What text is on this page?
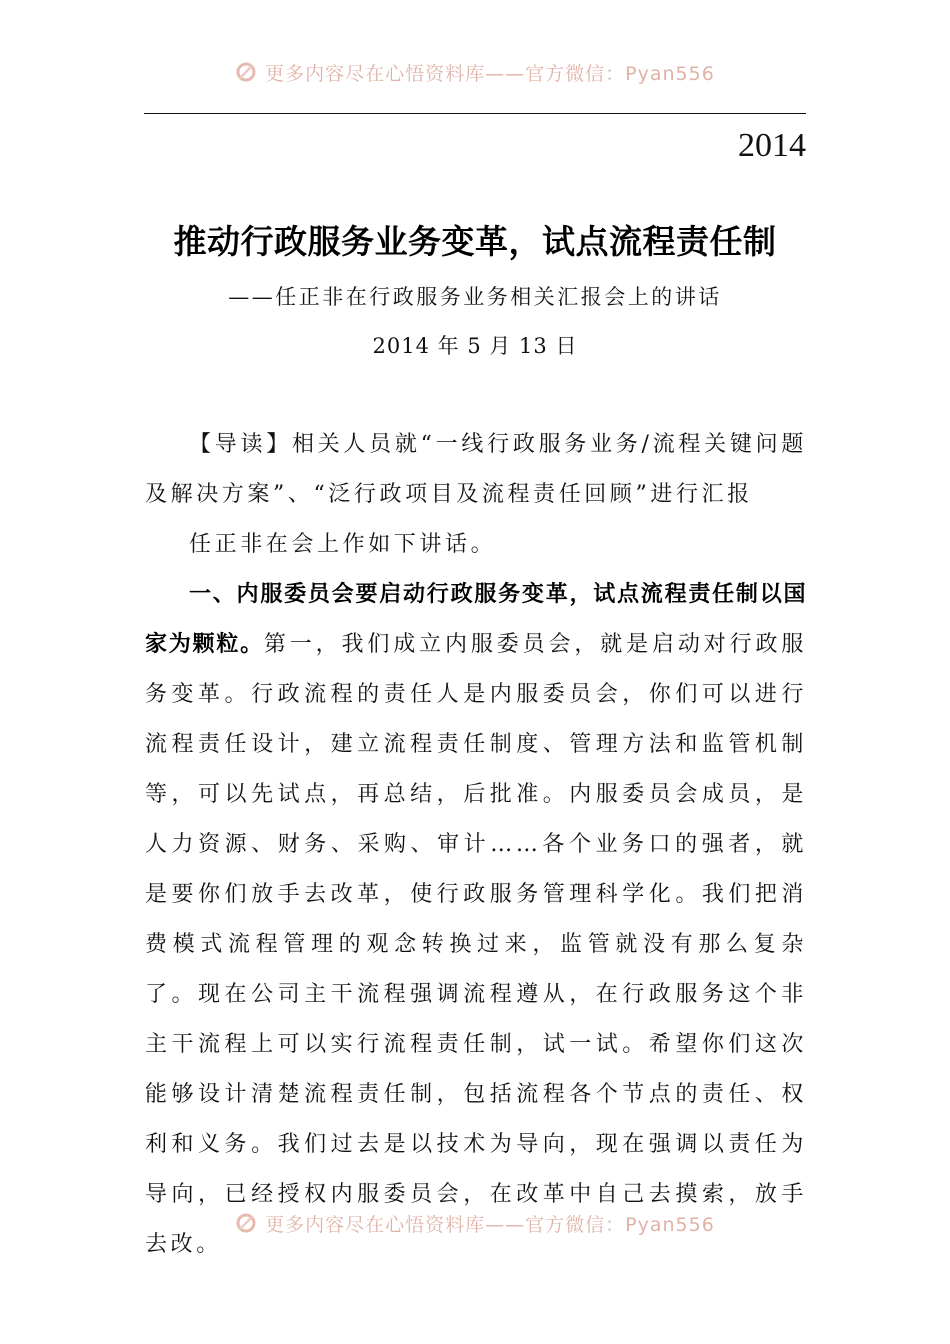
更多内容尽在心悟资料库——官方微信：Pyan556
2014
推动行政服务业务变革，试点流程责任制
——任正非在行政服务业务相关汇报会上的讲话
2014 年 5 月 13 日

【导读】相关人员就“一线行政服务业务/流程关键问题及解决方案”、“泛行政项目及流程责任回顾”进行汇报

任正非在会上作如下讲话。

一、内服委员会要启动行政服务变革，试点流程责任制以国家为颗粒。第一，我们成立内服委员会，就是启动对行政服务变革。行政流程的责任人是内服委员会，你们可以进行流程责任设计，建立流程责任制度、管理方法和监管机制等，可以先试点，再总结，后批准。内服委员会成员，是人力资源、财务、采购、审计……各个业务口的强者，就是要你们放手去改革，使行政服务管理科学化。我们把消费模式流程管理的观念转换过来，监管就没有那么复杂了。现在公司主干流程强调流程遵从，在行政服务这个非主干流程上可以实行流程责任制，试一试。希望你们这次能够设计清楚流程责任制，包括流程各个节点的责任、权利和义务。我们过去是以技术为导向，现在强调以责任为导向，已经授权内服委员会，在改革中自己去摸索，放手去改。

更多内容尽在心悟资料库——官方微信：Pyan556
